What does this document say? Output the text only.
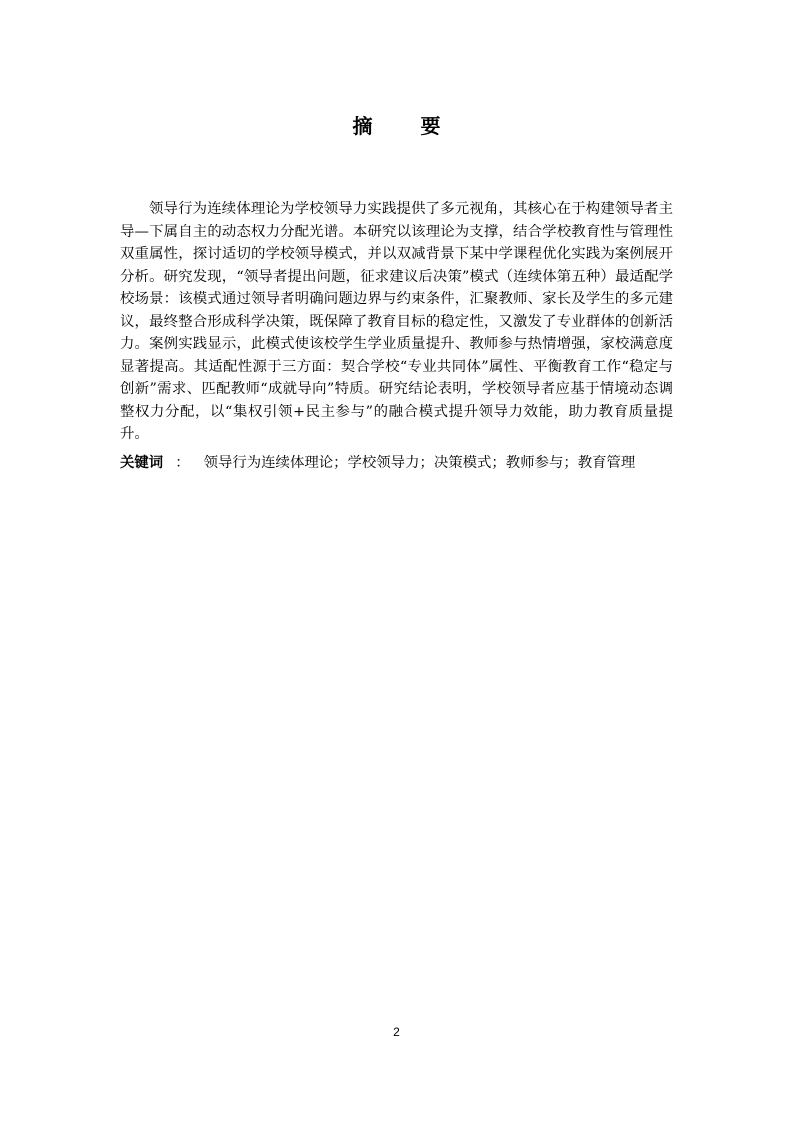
摘　要

领导行为连续体理论为学校领导力实践提供了多元视角，其核心在于构建领导者主导—下属自主的动态权力分配光谱。本研究以该理论为支撑，结合学校教育性与管理性双重属性，探讨适切的学校领导模式，并以双减背景下某中学课程优化实践为案例展开分析。研究发现，“领导者提出问题，征求建议后决策”模式（连续体第五种）最适配学校场景：该模式通过领导者明确问题边界与约束条件，汇聚教师、家长及学生的多元建议，最终整合形成科学决策，既保障了教育目标的稳定性，又激发了专业群体的创新活力。案例实践显示，此模式使该校学生学业质量提升、教师参与热情增强，家校满意度显著提高。其适配性源于三方面：契合学校“专业共同体”属性、平衡教育工作“稳定与创新”需求、匹配教师“成就导向”特质。研究结论表明，学校领导者应基于情境动态调整权力分配，以“集权引领+民主参与”的融合模式提升领导力效能，助力教育质量提升。

关键词 ： 领导行为连续体理论；学校领导力；决策模式；教师参与；教育管理

2
